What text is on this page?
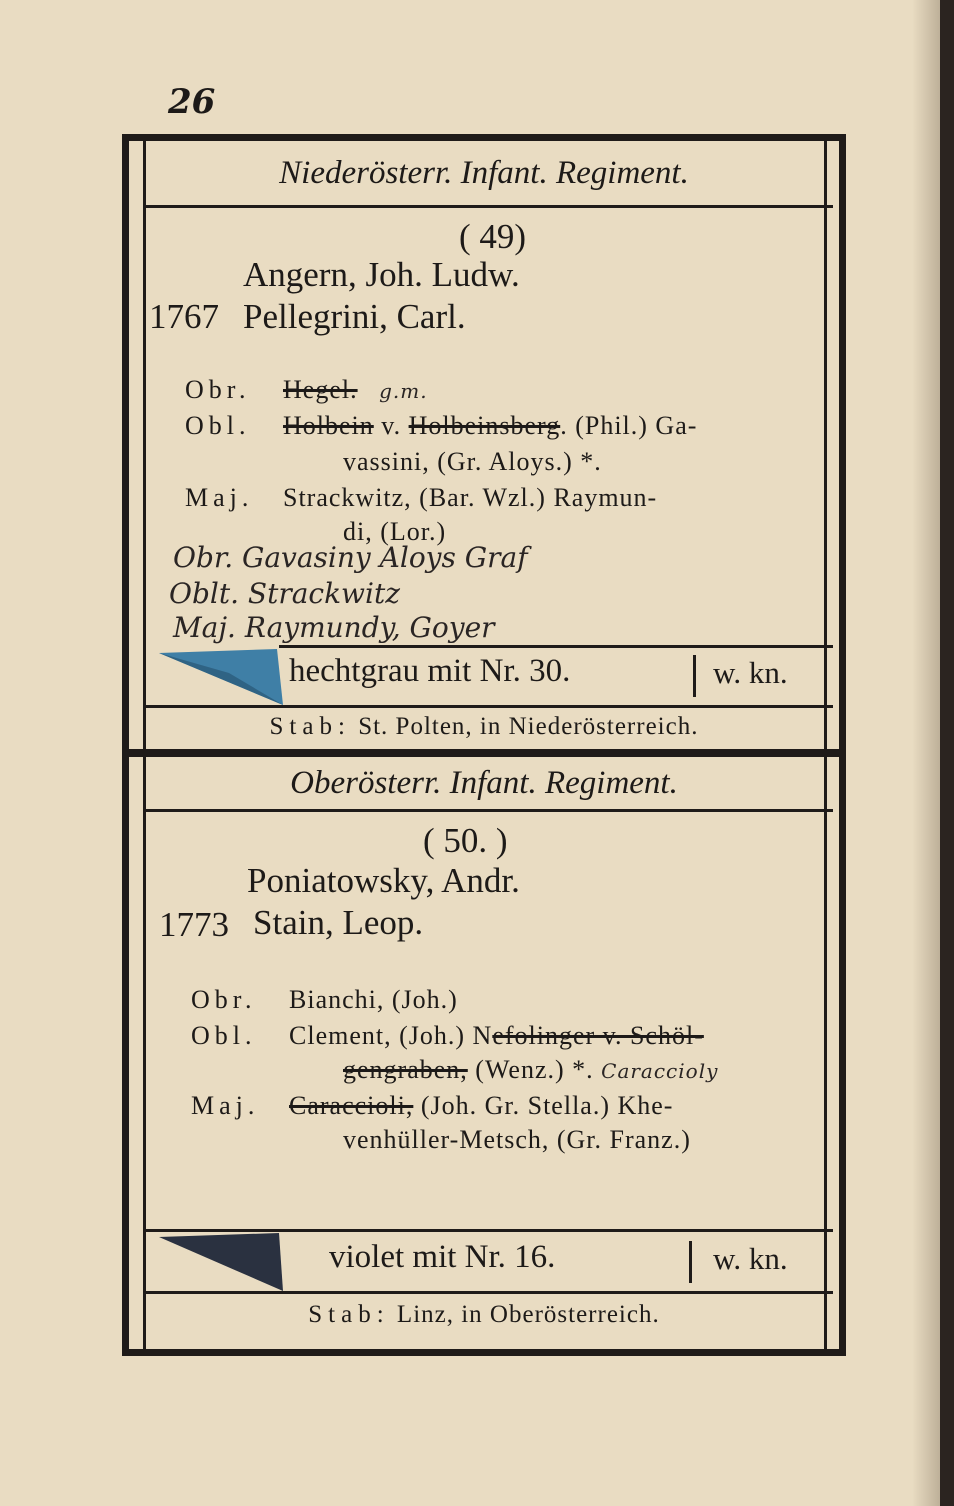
26
Niederösterr. Infant. Regiment.
( 49)
Angern, Joh. Ludw.
1767 Pellegrini, Carl.
Obr. Hegel. g.m.
Obl. Holbein v. Holbeinsberg. (Phil.) Ga-
vassini, (Gr. Aloys.) *.
Maj. Strackwitz, (Bar. Wzl.) Raymun-
di, (Lor.)
Obr. Gavasiny Aloys Graf
Oblt. Strackwitz
Maj. Raymundy, Goyer
hechtgrau mit Nr. 30.	w. kn.
Stab: St. Polten, in Niederösterreich.
Oberösterr. Infant. Regiment.
( 50. )
Poniatowsky, Andr.
1773 Stain, Leop.
Obr. Bianchi, (Joh.)
Obl. Clement, (Joh.) Nefolinger v. Schöl-
gengraben, (Wenz.) *. Caraccioly
Maj. Caraccioli, (Joh. Gr. Stella.) Khe-
venhüller-Metsch, (Gr. Franz.)
violet mit Nr. 16.	w. kn.
Stab: Linz, in Oberösterreich.
